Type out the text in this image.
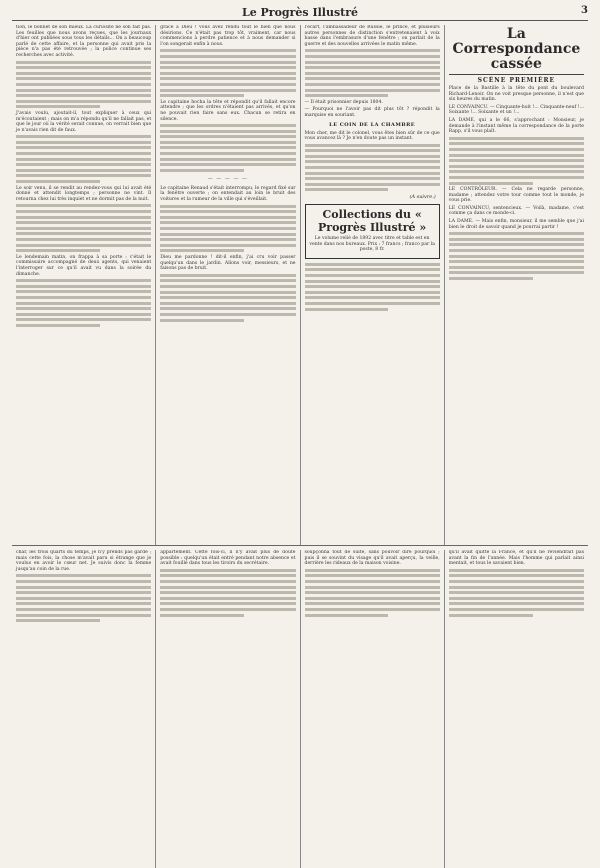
Le Progrès Illustré	3

tion, le bonnet de son mieux. La curiosité ne son fait pas. Les feuilles que nous avons reçues, que les journaux d'hier ont publiées sous tous les détails... On a beaucoup parlé de cette affaire, et la personne qui avait pris la pièce n'a pas été retrouvée ; la police continue ses recherches avec activité.

J'avais voulu, ajoutait-il, tout expliquer à ceux qui m'écoutaient ; mais on m'a répondu qu'il ne fallait pas, et que le jour où la vérité serait connue, on verrait bien que je n'avais rien dit de faux.

Le soir venu, il se rendit au rendez-vous qui lui avait été donné et attendit longtemps ; personne ne vint. Il retourna chez lui très inquiet et ne dormit pas de la nuit.

Le lendemain matin, on frappa à sa porte : c'était le commissaire accompagné de deux agents, qui venaient l'interroger sur ce qu'il avait vu dans la soirée du dimanche.

grâce à Dieu ! vous avez rendu tout le bien que nous désirions. Ce n'était pas trop tôt, vraiment, car nous commencions à perdre patience et à nous demander si l'on songerait enfin à nous.

Le capitaine hocha la tête et répondit qu'il fallait encore attendre ; que les ordres n'étaient pas arrivés, et qu'on ne pouvait rien faire sans eux. Chacun se retira en silence.

— — — — —

Le capitaine Renaud s'était interrompu, le regard fixé sur la fenêtre ouverte ; on entendait au loin le bruit des voitures et la rumeur de la ville qui s'éveillait.

Dieu me pardonne ! dit-il enfin, j'ai cru voir passer quelqu'un dans le jardin. Allons voir, messieurs, et ne faisons pas de bruit.

l'écart, l'ambassadeur de Russie, le prince, et plusieurs autres personnes de distinction s'entretenaient à voix basse dans l'embrasure d'une fenêtre ; on parlait de la guerre et des nouvelles arrivées le matin même.

— Il était prisonnier depuis 1804.

— Pourquoi ne l'avoir pas dit plus tôt ? répondit la marquise en souriant.

LE COIN DE LA CHAMBRE

Mon cher, me dit le colonel, vous êtes bien sûr de ce que vous avancez là ? Je n'en doute pas un instant.

(A suivre.)
Collections du « Progrès Illustré »

Le volume relié de 1892 avec titre et table est en vente dans nos bureaux. Prix : 7 francs ; franco par la poste, 8 fr.

La Correspondance cassée
SCÈNE PREMIÈRE

Place de la Bastille à la tête du pont du boulevard Richard-Lenoir. On ne voit presque personne, il n'est que six heures du matin.

LE CONVAINCU. — Cinquante-huit !... Cinquante-neuf !... Soixante !... Soixante et un !...

LA DAME, qui a le 66, s'approchant : Monsieur, je demande à l'instant même la correspondance de la porte Rapp, s'il vous plaît.

LE CONTRÔLEUR. — Cela ne regarde personne, madame ; attendez votre tour comme tout le monde, je vous prie.

LE CONVAINCU, sentencieux. — Voilà, madame, c'est comme ça dans ce monde-ci.

LA DAME. — Mais enfin, monsieur, il me semble que j'ai bien le droit de savoir quand je pourrai partir !

char, les trois quarts du temps, je n'y prends pas garde ; mais cette fois, la chose m'avait paru si étrange que je voulus en avoir le cœur net. Je suivis donc la femme jusqu'au coin de la rue.

appartement. Cette fois-ci, il n'y avait plus de doute possible : quelqu'un était entré pendant notre absence et avait fouillé dans tous les tiroirs du secrétaire.

soupçonna tout de suite, sans pouvoir dire pourquoi ; puis il se souvint du visage qu'il avait aperçu, la veille, derrière les rideaux de la maison voisine.

qu'il avait quitté la France, et qu'il ne reviendrait pas avant la fin de l'année. Mais l'homme qui parlait ainsi mentait, et tous le savaient bien.
